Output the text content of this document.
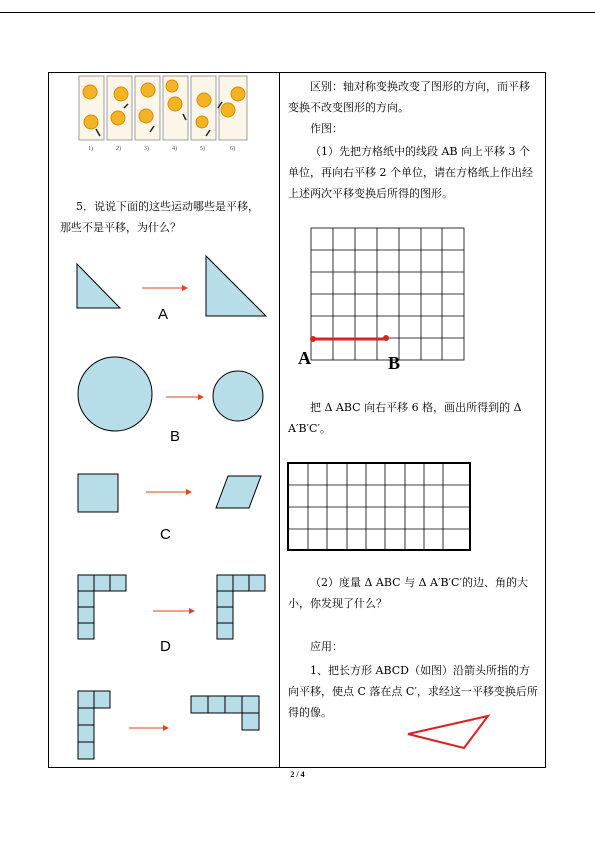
1)	2)	3)	4)	5)	6)
5．说说下面的这些运动哪些是平移，那些不是平移，为什么？
A
B
C
D
区别：轴对称变换改变了图形的方向，而平移变换不改变图形的方向。
作图：
（1）先把方格纸中的线段 AB 向上平移 3 个单位，再向右平移 2 个单位，请在方格纸上作出经上述两次平移变换后所得的图形。
A	B
把 Δ ABC 向右平移 6 格，画出所得到的 Δ A′B′C′。
（2）度量 Δ ABC 与 Δ A′B′C′的边、角的大小，你发现了什么？
应用：
1、把长方形 ABCD（如图）沿箭头所指的方向平移，使点 C 落在点 C′，求经这一平移变换后所得的像。
2 / 4
